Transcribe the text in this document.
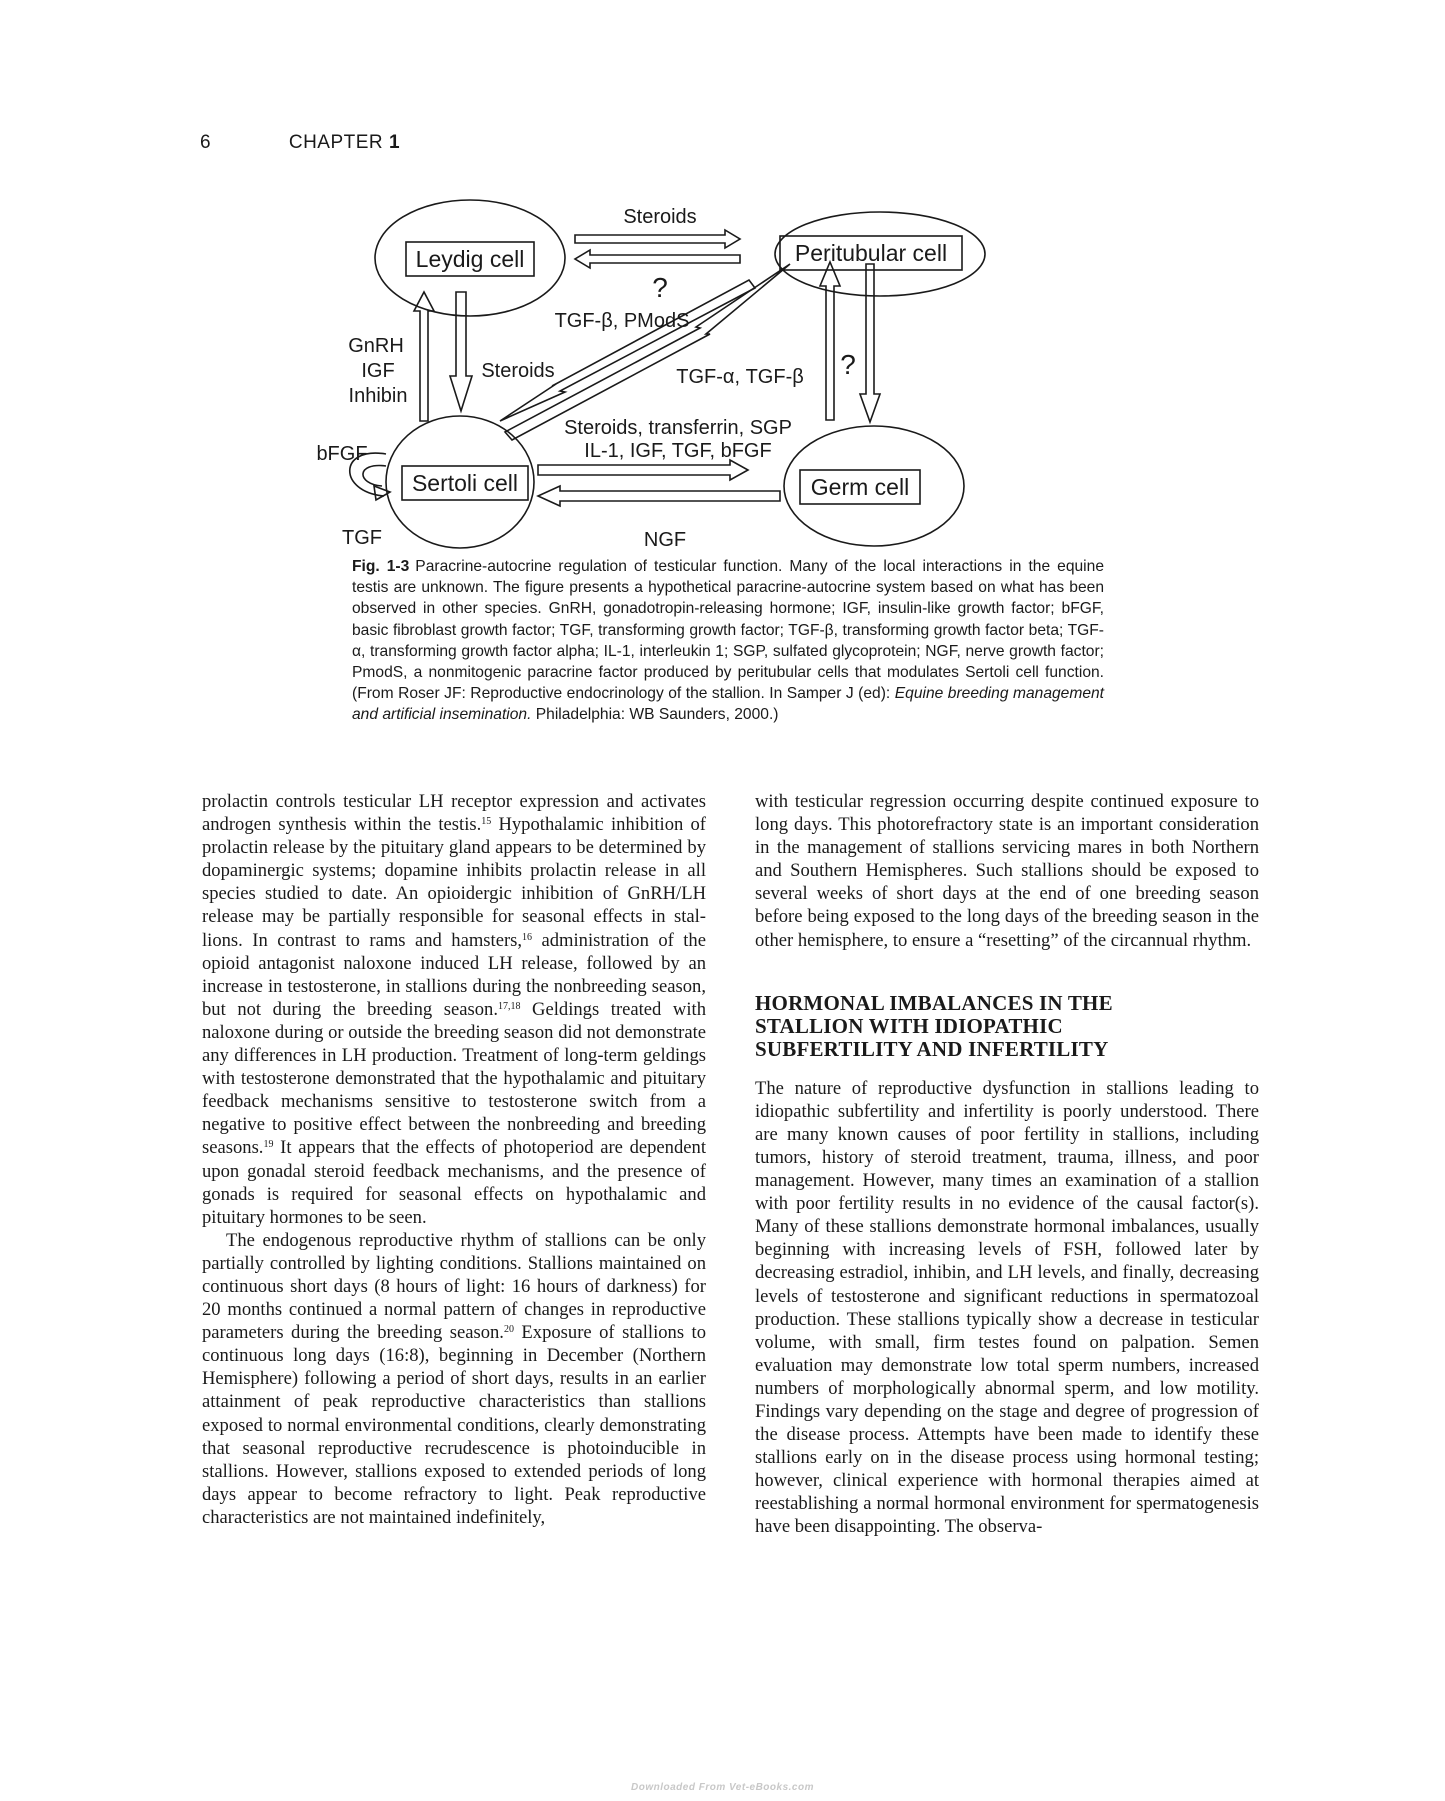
6	CHAPTER 1
Leydig cell	Peritubular cell
Sertoli cell	Germ cell
Steroids
?
TGF-β, PModS
GnRH
IGF
Inhibin
Steroids	TGF-α, TGF-β ?
bFGF
Steroids, transferrin, SGP
IL-1, IGF, TGF, bFGF
TGF	NGF
Fig. 1-3 Paracrine-autocrine regulation of testicular function. Many of the local interactions in the equine testis are unknown. The figure presents a hypothetical paracrine-autocrine system based on what has been observed in other species. GnRH, gonadotropin-releasing hormone; IGF, insulin-like growth factor; bFGF, basic fibroblast growth factor; TGF, transforming growth factor; TGF-β, transforming growth factor beta; TGF-α, transforming growth factor alpha; IL-1, interleukin 1; SGP, sulfated glycoprotein; NGF, nerve growth factor; PmodS, a nonmitogenic paracrine factor produced by peritubular cells that modulates Sertoli cell function. (From Roser JF: Reproductive endocrinology of the stallion. In Samper J (ed): Equine breeding management and artificial insemination. Philadelphia: WB Saunders, 2000.)

prolactin controls testicular LH receptor expression and activates androgen synthesis within the testis.$^{15}$ Hypothalamic inhibition of prolactin release by the pituitary gland appears to be determined by dopaminergic systems; dopamine inhibits prolactin release in all species studied to date. An opioidergic inhibition of GnRH/LH release may be partially responsible for seasonal effects in stallions. In contrast to rams and hamsters,$^{16}$ administration of the opioid antagonist naloxone induced LH release, followed by an increase in testosterone, in stallions during the nonbreeding season, but not during the breeding season.$^{17,18}$ Geldings treated with naloxone during or outside the breeding season did not demonstrate any differences in LH production. Treatment of long-term geldings with testosterone demonstrated that the hypothalamic and pituitary feedback mechanisms sensitive to testosterone switch from a negative to positive effect between the nonbreeding and breeding seasons.$^{19}$ It appears that the effects of photoperiod are dependent upon gonadal steroid feedback mechanisms, and the presence of gonads is required for seasonal effects on hypothalamic and pituitary hormones to be seen.

The endogenous reproductive rhythm of stallions can be only partially controlled by lighting conditions. Stallions maintained on continuous short days (8 hours of light: 16 hours of darkness) for 20 months continued a normal pattern of changes in reproductive parameters during the breeding season.$^{20}$ Exposure of stallions to continuous long days (16:8), beginning in December (Northern Hemisphere) following a period of short days, results in an earlier attainment of peak reproductive characteristics than stallions exposed to normal environmental conditions, clearly demonstrating that seasonal reproductive recrudescence is photoinducible in stallions. However, stallions exposed to extended periods of long days appear to become refractory to light. Peak reproductive characteristics are not maintained indefinitely,

with testicular regression occurring despite continued exposure to long days. This photorefractory state is an important consideration in the management of stallions servicing mares in both Northern and Southern Hemispheres. Such stallions should be exposed to several weeks of short days at the end of one breeding season before being exposed to the long days of the breeding season in the other hemisphere, to ensure a “resetting” of the circannual rhythm.

HORMONAL IMBALANCES IN THE
STALLION WITH IDIOPATHIC
SUBFERTILITY AND INFERTILITY

The nature of reproductive dysfunction in stallions leading to idiopathic subfertility and infertility is poorly understood. There are many known causes of poor fertility in stallions, including tumors, history of steroid treatment, trauma, illness, and poor management. However, many times an examination of a stallion with poor fertility results in no evidence of the causal factor(s). Many of these stallions demonstrate hormonal imbalances, usually beginning with increasing levels of FSH, followed later by decreasing estradiol, inhibin, and LH levels, and finally, decreasing levels of testosterone and significant reductions in spermatozoal production. These stallions typically show a decrease in testicular volume, with small, firm testes found on palpation. Semen evaluation may demonstrate low total sperm numbers, increased numbers of morphologically abnormal sperm, and low motility. Findings vary depending on the stage and degree of progression of the disease process. Attempts have been made to identify these stallions early on in the disease process using hormonal testing; however, clinical experience with hormonal therapies aimed at reestablishing a normal hormonal environment for spermatogenesis have been disappointing. The observa-

Downloaded From Vet-eBooks.com
